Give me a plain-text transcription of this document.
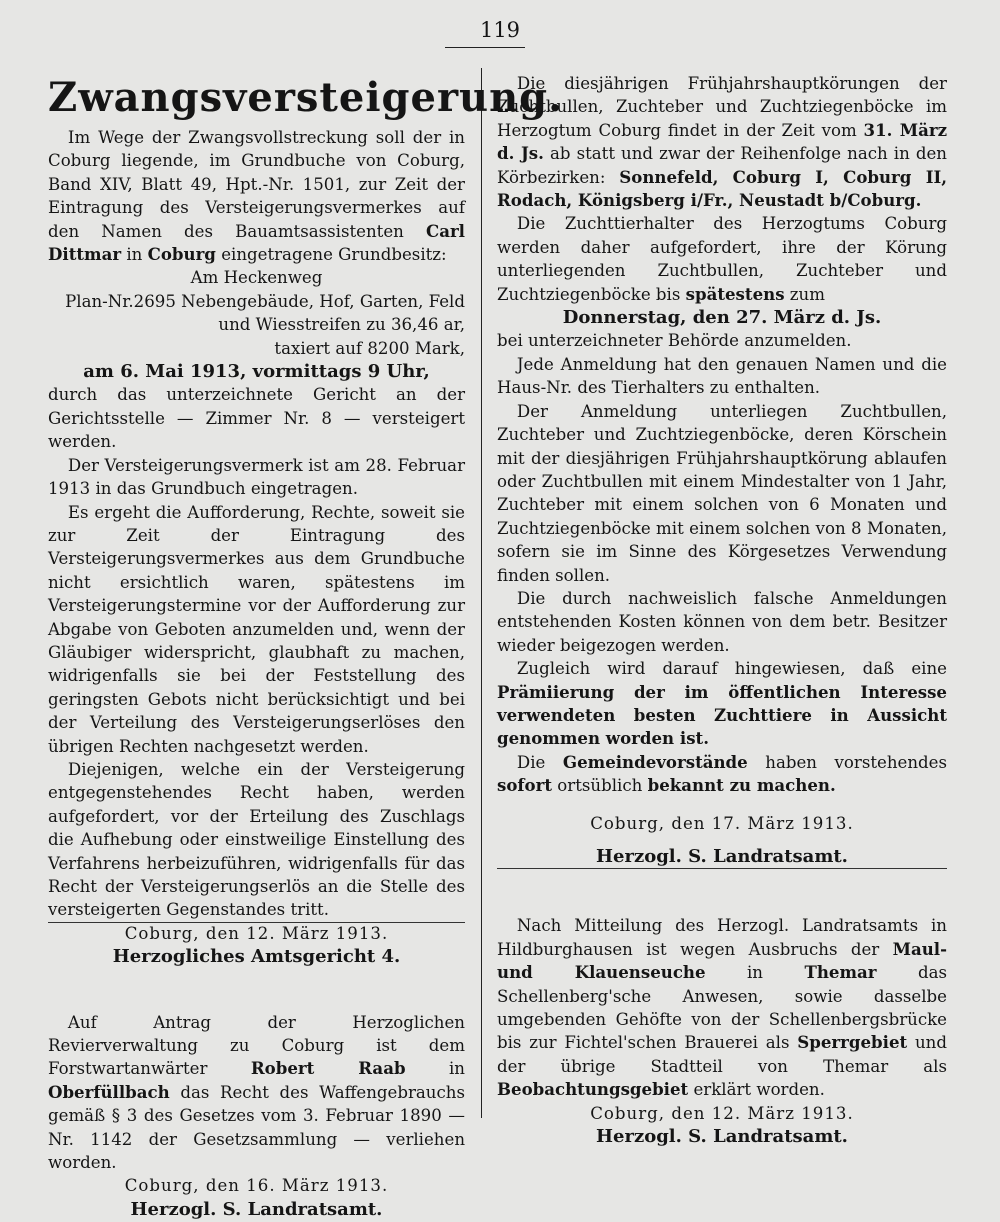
119
Zwangsversteigerung.

Im Wege der Zwangsvollstreckung soll der in Coburg liegende, im Grundbuche von Coburg, Band XIV, Blatt 49, Hpt.-Nr. 1501, zur Zeit der Eintragung des Versteigerungsvermerkes auf den Namen des Bauamtsassistenten Carl Dittmar in Coburg eingetragene Grundbesitz:

Am Heckenweg

Plan-Nr.2695 Nebengebäude, Hof, Garten, Feld

und Wiesstreifen zu 36,46 ar,

taxiert auf 8200 Mark,

am 6. Mai 1913, vormittags 9 Uhr,

durch das unterzeichnete Gericht an der Gerichtsstelle — Zimmer Nr. 8 — versteigert werden.

Der Versteigerungsvermerk ist am 28. Februar 1913 in das Grundbuch eingetragen.

Es ergeht die Aufforderung, Rechte, soweit sie zur Zeit der Eintragung des Versteigerungsvermerkes aus dem Grundbuche nicht ersichtlich waren, spätestens im Versteigerungstermine vor der Aufforderung zur Abgabe von Geboten anzumelden und, wenn der Gläubiger widerspricht, glaubhaft zu machen, widrigenfalls sie bei der Feststellung des geringsten Gebots nicht berücksichtigt und bei der Verteilung des Versteigerungserlöses den übrigen Rechten nachgesetzt werden.

Diejenigen, welche ein der Versteigerung entgegenstehendes Recht haben, werden aufgefordert, vor der Erteilung des Zuschlags die Aufhebung oder einstweilige Einstellung des Verfahrens herbeizuführen, widrigenfalls für das Recht der Versteigerungserlös an die Stelle des versteigerten Gegenstandes tritt.

Coburg, den 12. März 1913.

Herzogliches Amtsgericht 4.

Auf Antrag der Herzoglichen Revierverwaltung zu Coburg ist dem Forstwartanwärter Robert Raab in Oberfüllbach das Recht des Waffengebrauchs gemäß § 3 des Gesetzes vom 3. Februar 1890 — Nr. 1142 der Gesetzsammlung — verliehen worden.

Coburg, den 16. März 1913.

Herzogl. S. Landratsamt.

Die diesjährigen Frühjahrshauptkörungen der Zuchtbullen, Zuchteber und Zuchtziegenböcke im Herzogtum Coburg findet in der Zeit vom 31. März d. Js. ab statt und zwar der Reihenfolge nach in den Körbezirken: Sonnefeld, Coburg I, Coburg II, Rodach, Königsberg i/Fr., Neustadt b/Coburg.

Die Zuchttierhalter des Herzogtums Coburg werden daher aufgefordert, ihre der Körung unterliegenden Zuchtbullen, Zuchteber und Zuchtziegenböcke bis spätestens zum

Donnerstag, den 27. März d. Js.

bei unterzeichneter Behörde anzumelden.

Jede Anmeldung hat den genauen Namen und die Haus-Nr. des Tierhalters zu enthalten.

Der Anmeldung unterliegen Zuchtbullen, Zuchteber und Zuchtziegenböcke, deren Körschein mit der diesjährigen Frühjahrshauptkörung ablaufen oder Zuchtbullen mit einem Mindestalter von 1 Jahr, Zuchteber mit einem solchen von 6 Monaten und Zuchtziegenböcke mit einem solchen von 8 Monaten, sofern sie im Sinne des Körgesetzes Verwendung finden sollen.

Die durch nachweislich falsche Anmeldungen entstehenden Kosten können von dem betr. Besitzer wieder beigezogen werden.

Zugleich wird darauf hingewiesen, daß eine Prämiierung der im öffentlichen Interesse verwendeten besten Zuchttiere in Aussicht genommen worden ist.

Die Gemeindevorstände haben vorstehendes sofort ortsüblich bekannt zu machen.

Coburg, den 17. März 1913.

Herzogl. S. Landratsamt.

Nach Mitteilung des Herzogl. Landratsamts in Hildburghausen ist wegen Ausbruchs der Maul- und Klauenseuche in Themar das Schellenberg'sche Anwesen, sowie dasselbe umgebenden Gehöfte von der Schellenbergsbrücke bis zur Fichtel'schen Brauerei als Sperrgebiet und der übrige Stadtteil von Themar als Beobachtungsgebiet erklärt worden.

Coburg, den 12. März 1913.

Herzogl. S. Landratsamt.
